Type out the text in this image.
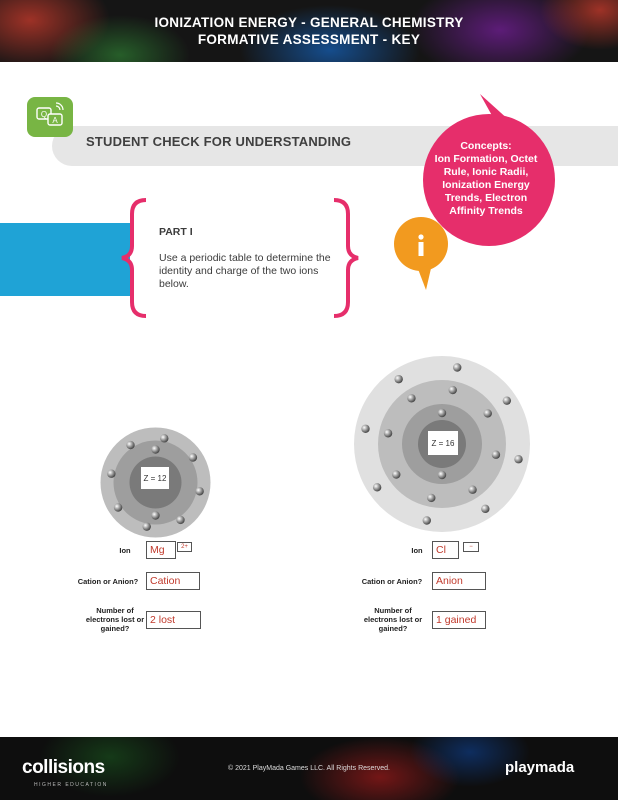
IONIZATION ENERGY - GENERAL CHEMISTRY
FORMATIVE ASSESSMENT - KEY
Q
A
STUDENT CHECK FOR UNDERSTANDING	Concepts:
Ion Formation, Octet Rule, Ionic Radii, Ionization Energy Trends, Electron Affinity Trends
PART I
Use a periodic table to determine the identity and charge of the two ions below.
Z = 12
Z = 16
Ion	Mg	2+
Cation or Anion?	Cation
Number of electrons lost or gained?
2 lost
Ion	Cl	−
Cation or Anion?	Anion
Number of electrons lost or gained?
1 gained
collisions
HIGHER EDUCATION
© 2021 PlayMada Games LLC. All Rights Reserved.	playmada
